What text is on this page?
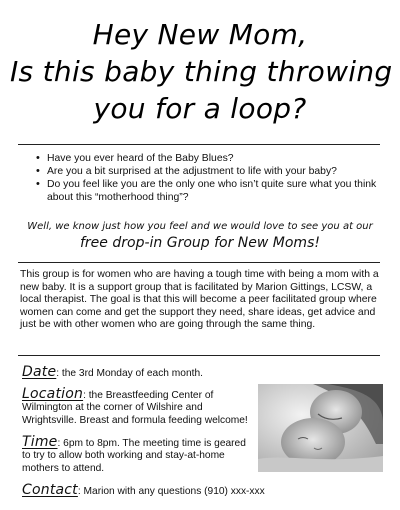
Hey New Mom,
Is this baby thing throwing
you for a loop?
• Have you ever heard of the Baby Blues?
• Are you a bit surprised at the adjustment to life with your baby?
• Do you feel like you are the only one who isn’t quite sure what you think about this “motherhood thing”?
Well, we know just how you feel and we would love to see you at our
free drop-in Group for New Moms!

This group is for women who are having a tough time with being a mom with a new baby. It is a support group that is facilitated by Marion Gittings, LCSW, a local therapist. The goal is that this will become a peer facilitated group where women can come and get the support they need, share ideas, get advice and just be with other women who are going through the same thing.

Date: the 3rd Monday of each month.
Location: the Breastfeeding Center of Wilmington at the corner of Wilshire and Wrightsville. Breast and formula feeding welcome!
Time: 6pm to 8pm. The meeting time is geared to try to allow both working and stay-at-home mothers to attend.
Contact: Marion with any questions (910) xxx-xxx
